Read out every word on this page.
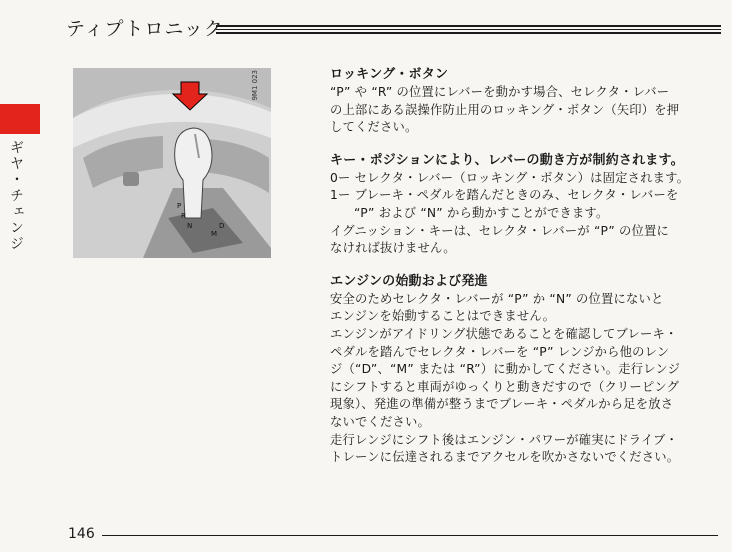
ティプトロニック
ギヤ・チェンジ	P
R
N	D
M
9M1 023	ロッキング・ボタン

“P” や “R” の位置にレバーを動かす場合、セレクタ・レバー

の上部にある誤操作防止用のロッキング・ボタン（矢印）を押

してください。

キー・ポジションにより、レバーの動き方が制約されます。

0ー セレクタ・レバー（ロッキング・ボタン）は固定されます。

1ー ブレーキ・ペダルを踏んだときのみ、セレクタ・レバーを

“P” および “N” から動かすことができます。

イグニッション・キーは、セレクタ・レバーが “P” の位置に

なければ抜けません。

エンジンの始動および発進

安全のためセレクタ・レバーが “P” か “N” の位置にないと

エンジンを始動することはできません。

エンジンがアイドリング状態であることを確認してブレーキ・

ペダルを踏んでセレクタ・レバーを “P” レンジから他のレン

ジ（“D”、“M” または “R”）に動かしてください。走行レンジ

にシフトすると車両がゆっくりと動きだすので（クリーピング

現象）、発進の準備が整うまでブレーキ・ペダルから足を放さ

ないでください。

走行レンジにシフト後はエンジン・パワーが確実にドライブ・

トレーンに伝達されるまでアクセルを吹かさないでください。

146
